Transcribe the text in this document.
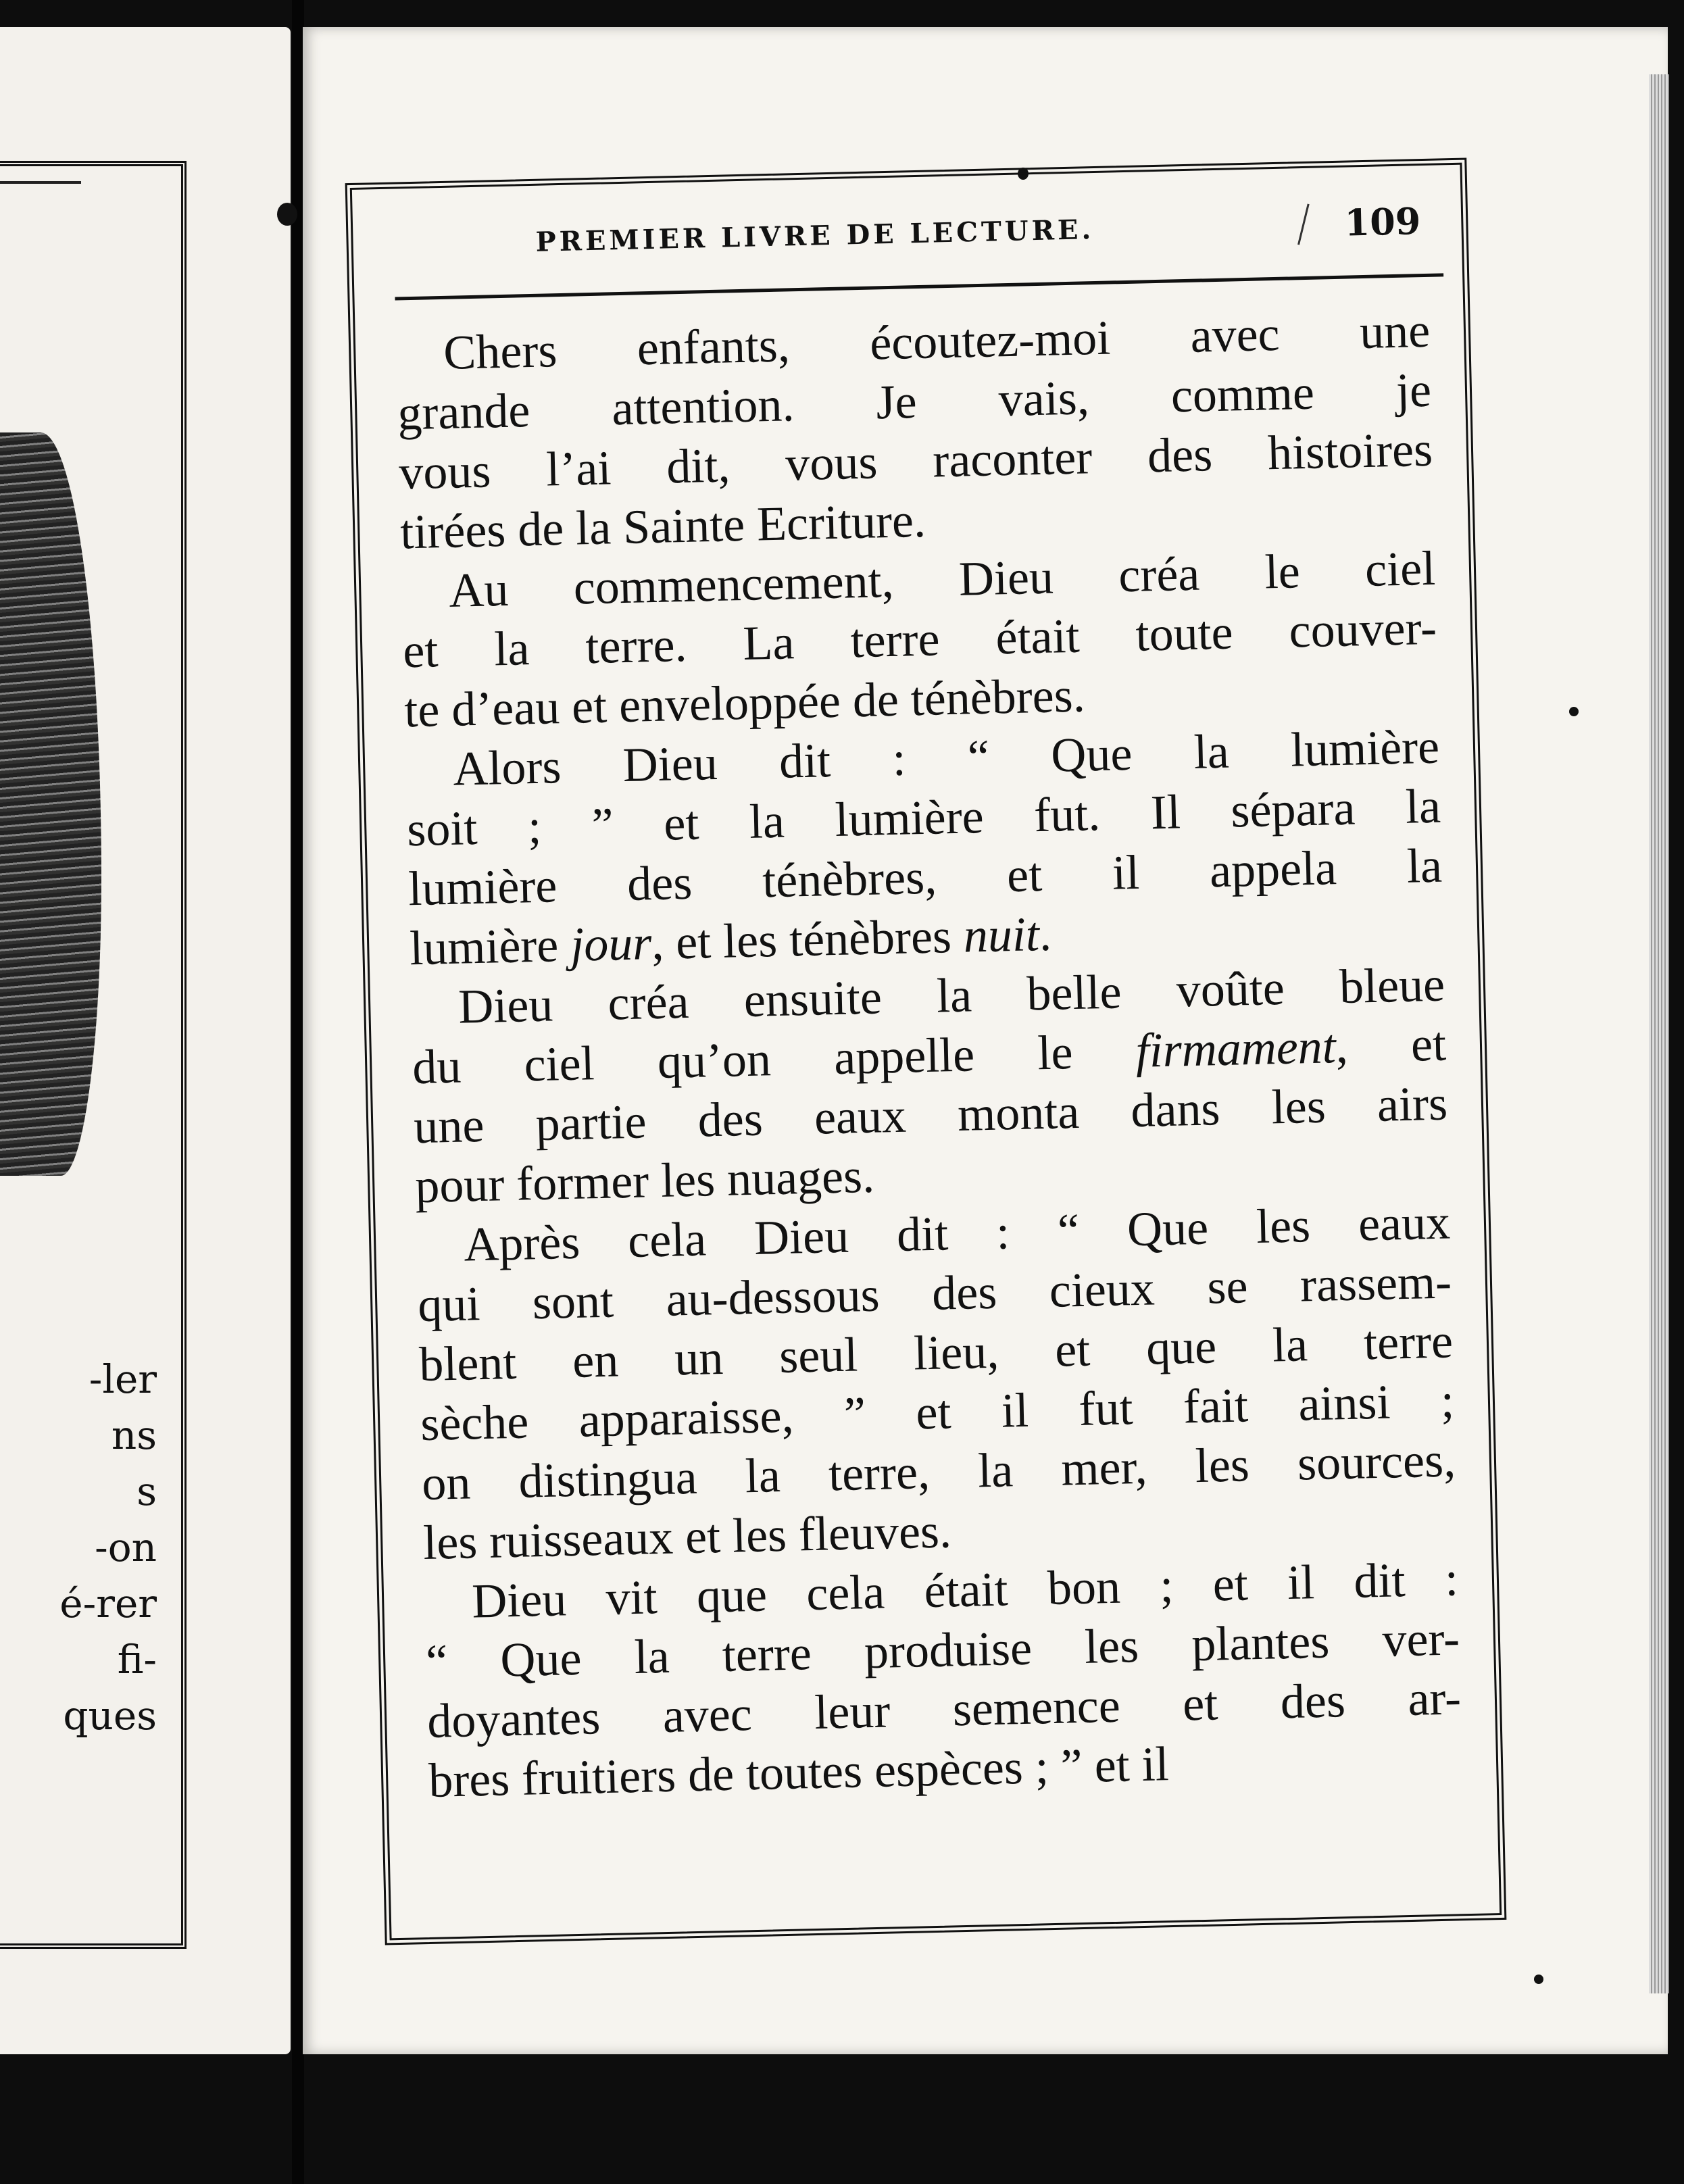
-ler
ns
s
-on
é-rer
fi-
ques
PREMIER LIVRE DE LECTURE.	109
Chers enfants, écoutez-moi avec une
grande attention. Je vais, comme je
vous l’ai dit, vous raconter des histoires
tirées de la Sainte Ecriture.
Au commencement, Dieu créa le ciel
et la terre. La terre était toute couver-
te d’eau et enveloppée de ténèbres.
Alors Dieu dit : “ Que la lumière
soit ; ” et la lumière fut. Il sépara la
lumière des ténèbres, et il appela la
lumière jour, et les ténèbres nuit.
Dieu créa ensuite la belle voûte bleue
du ciel qu’on appelle le firmament, et
une partie des eaux monta dans les airs
pour former les nuages.
Après cela Dieu dit : “ Que les eaux
qui sont au-dessous des cieux se rassem-
blent en un seul lieu, et que la terre
sèche apparaisse, ” et il fut fait ainsi ;
on distingua la terre, la mer, les sources,
les ruisseaux et les fleuves.
Dieu vit que cela était bon ; et il dit :
“ Que la terre produise les plantes ver-
doyantes avec leur semence et des ar-
bres fruitiers de toutes espèces ; ” et il
